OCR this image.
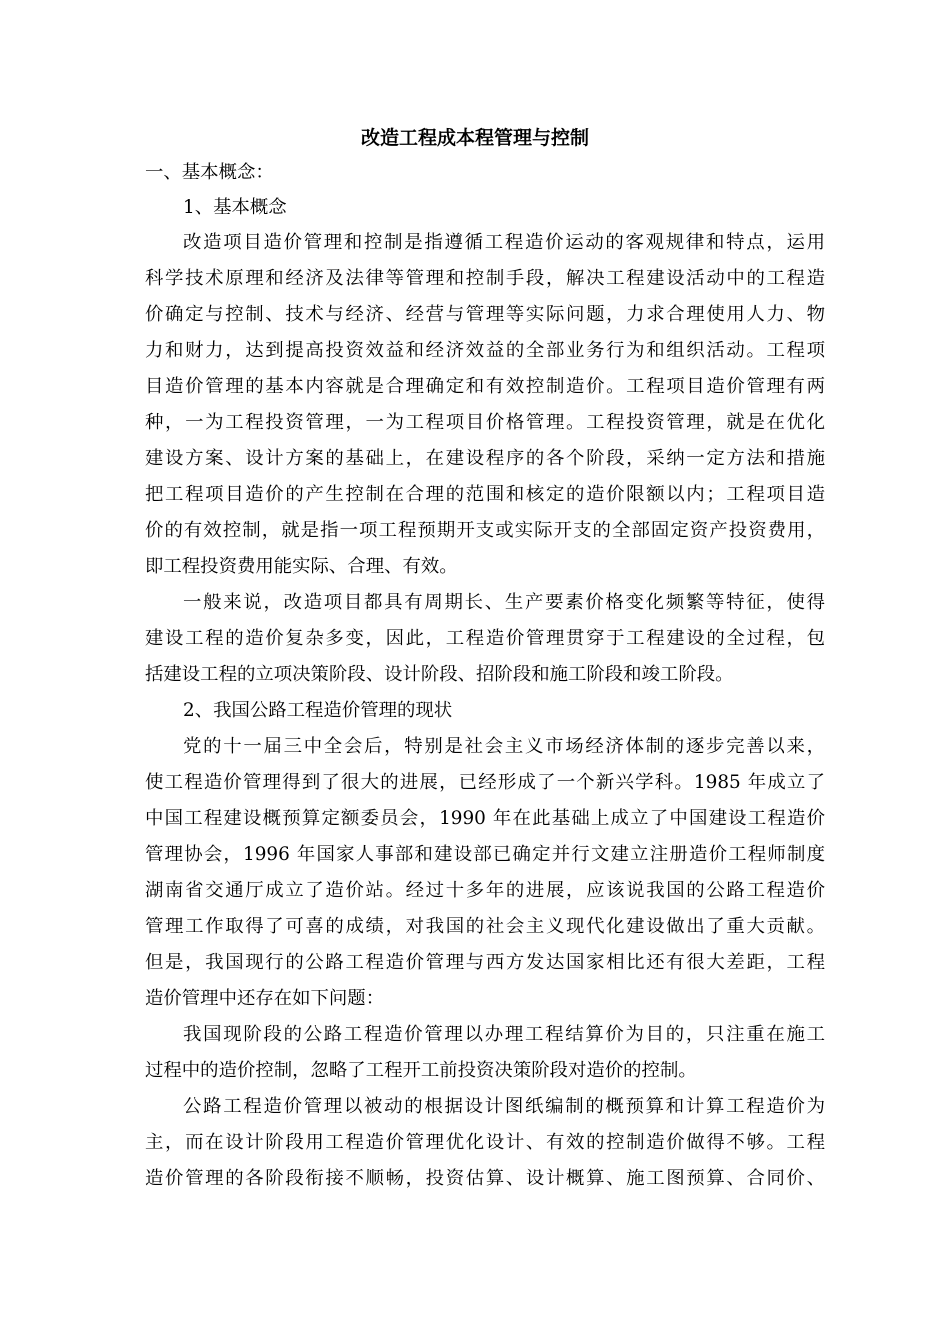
改造工程成本程管理与控制
一、基本概念：
1、基本概念
改造项目造价管理和控制是指遵循工程造价运动的客观规律和特点，运用
科学技术原理和经济及法律等管理和控制手段，解决工程建设活动中的工程造
价确定与控制、技术与经济、经营与管理等实际问题，力求合理使用人力、物
力和财力，达到提高投资效益和经济效益的全部业务行为和组织活动。工程项
目造价管理的基本内容就是合理确定和有效控制造价。工程项目造价管理有两
种，一为工程投资管理，一为工程项目价格管理。工程投资管理，就是在优化
建设方案、设计方案的基础上，在建设程序的各个阶段，采纳一定方法和措施
把工程项目造价的产生控制在合理的范围和核定的造价限额以内；工程项目造
价的有效控制，就是指一项工程预期开支或实际开支的全部固定资产投资费用，
即工程投资费用能实际、合理、有效。
一般来说，改造项目都具有周期长、生产要素价格变化频繁等特征，使得
建设工程的造价复杂多变，因此，工程造价管理贯穿于工程建设的全过程，包
括建设工程的立项决策阶段、设计阶段、招阶段和施工阶段和竣工阶段。
2、我国公路工程造价管理的现状
党的十一届三中全会后，特别是社会主义市场经济体制的逐步完善以来，
使工程造价管理得到了很大的进展，已经形成了一个新兴学科。1985 年成立了
中国工程建设概预算定额委员会，1990 年在此基础上成立了中国建设工程造价
管理协会，1996 年国家人事部和建设部已确定并行文建立注册造价工程师制度
湖南省交通厅成立了造价站。经过十多年的进展，应该说我国的公路工程造价
管理工作取得了可喜的成绩，对我国的社会主义现代化建设做出了重大贡献。
但是，我国现行的公路工程造价管理与西方发达国家相比还有很大差距，工程
造价管理中还存在如下问题：
我国现阶段的公路工程造价管理以办理工程结算价为目的，只注重在施工
过程中的造价控制，忽略了工程开工前投资决策阶段对造价的控制。
公路工程造价管理以被动的根据设计图纸编制的概预算和计算工程造价为
主，而在设计阶段用工程造价管理优化设计、有效的控制造价做得不够。工程
造价管理的各阶段衔接不顺畅，投资估算、设计概算、施工图预算、合同价、
